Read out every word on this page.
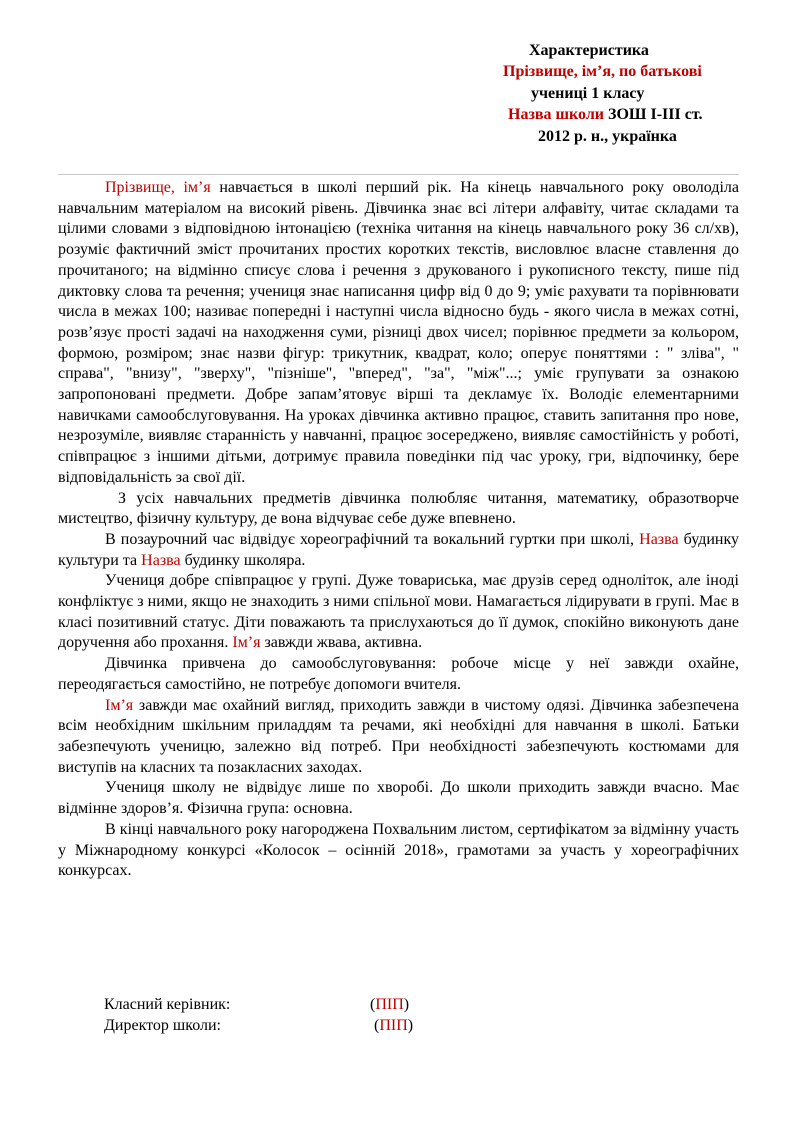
Характеристика
Прізвище, ім’я, по батькові
учениці 1 класу
Назва школи ЗОШ I-III ст.
2012 р. н., українка

Прізвище, ім’я навчається в школі перший рік. На кінець навчального року оволоділа навчальним матеріалом на високий рівень. Дівчинка знає всі літери алфавіту, читає складами та цілими словами з відповідною інтонацією (техніка читання на кінець навчального року 36 сл/хв), розуміє фактичний зміст прочитаних простих коротких текстів, висловлює власне ставлення до прочитаного; на відмінно списує слова і речення з друкованого і рукописного тексту, пише під диктовку слова та речення; учениця знає написання цифр від 0 до 9; уміє рахувати та порівнювати числа в межах 100; називає попередні і наступні числа відносно будь - якого числа в межах сотні, розв’язує прості задачі на находження суми, різниці двох чисел; порівнює предмети за кольором, формою, розміром; знає назви фігур: трикутник, квадрат, коло; оперує поняттями : " зліва", " справа", "внизу", "зверху", "пізніше", "вперед", "за", "між"...; уміє групувати за ознакою запропоновані предмети. Добре запам’ятовує вірші та декламує їх. Володіє елементарними навичками самообслуговування. На уроках дівчинка активно працює, ставить запитання про нове, незрозуміле, виявляє старанність у навчанні, працює зосереджено, виявляє самостійність у роботі, співпрацює з іншими дітьми, дотримує правила поведінки під час уроку, гри, відпочинку, бере відповідальність за свої дії.

З усіх навчальних предметів дівчинка полюбляє читання, математику, образотворче мистецтво, фізичну культуру, де вона відчуває себе дуже впевнено.

В позаурочний час відвідує хореографічний та вокальний гуртки при школі, Назва будинку культури та Назва будинку школяра.

Учениця добре співпрацює у групі. Дуже товариська, має друзів серед одноліток, але іноді конфліктує з ними, якщо не знаходить з ними спільної мови. Намагається лідирувати в групі. Має в класі позитивний статус. Діти поважають та прислухаються до її думок, спокійно виконують дане доручення або прохання. Ім’я завжди жвава, активна.

Дівчинка привчена до самообслуговування: робоче місце у неї завжди охайне, переодягається самостійно, не потребує допомоги вчителя.

Ім’я завжди має охайний вигляд, приходить завжди в чистому одязі. Дівчинка забезпечена всім необхідним шкільним приладдям та речами, які необхідні для навчання в школі. Батьки забезпечують ученицю, залежно від потреб. При необхідності забезпечують костюмами для виступів на класних та позакласних заходах.

Учениця школу не відвідує лише по хворобі. До школи приходить завжди вчасно. Має відмінне здоров’я. Фізична група: основна.

В кінці навчального року нагороджена Похвальним листом, сертифікатом за відмінну участь у Міжнародному конкурсі «Колосок – осінній 2018», грамотами за участь у хореографічних конкурсах.

Класний керівник:	(ПІП)
Директор школи:	(ПІП)
